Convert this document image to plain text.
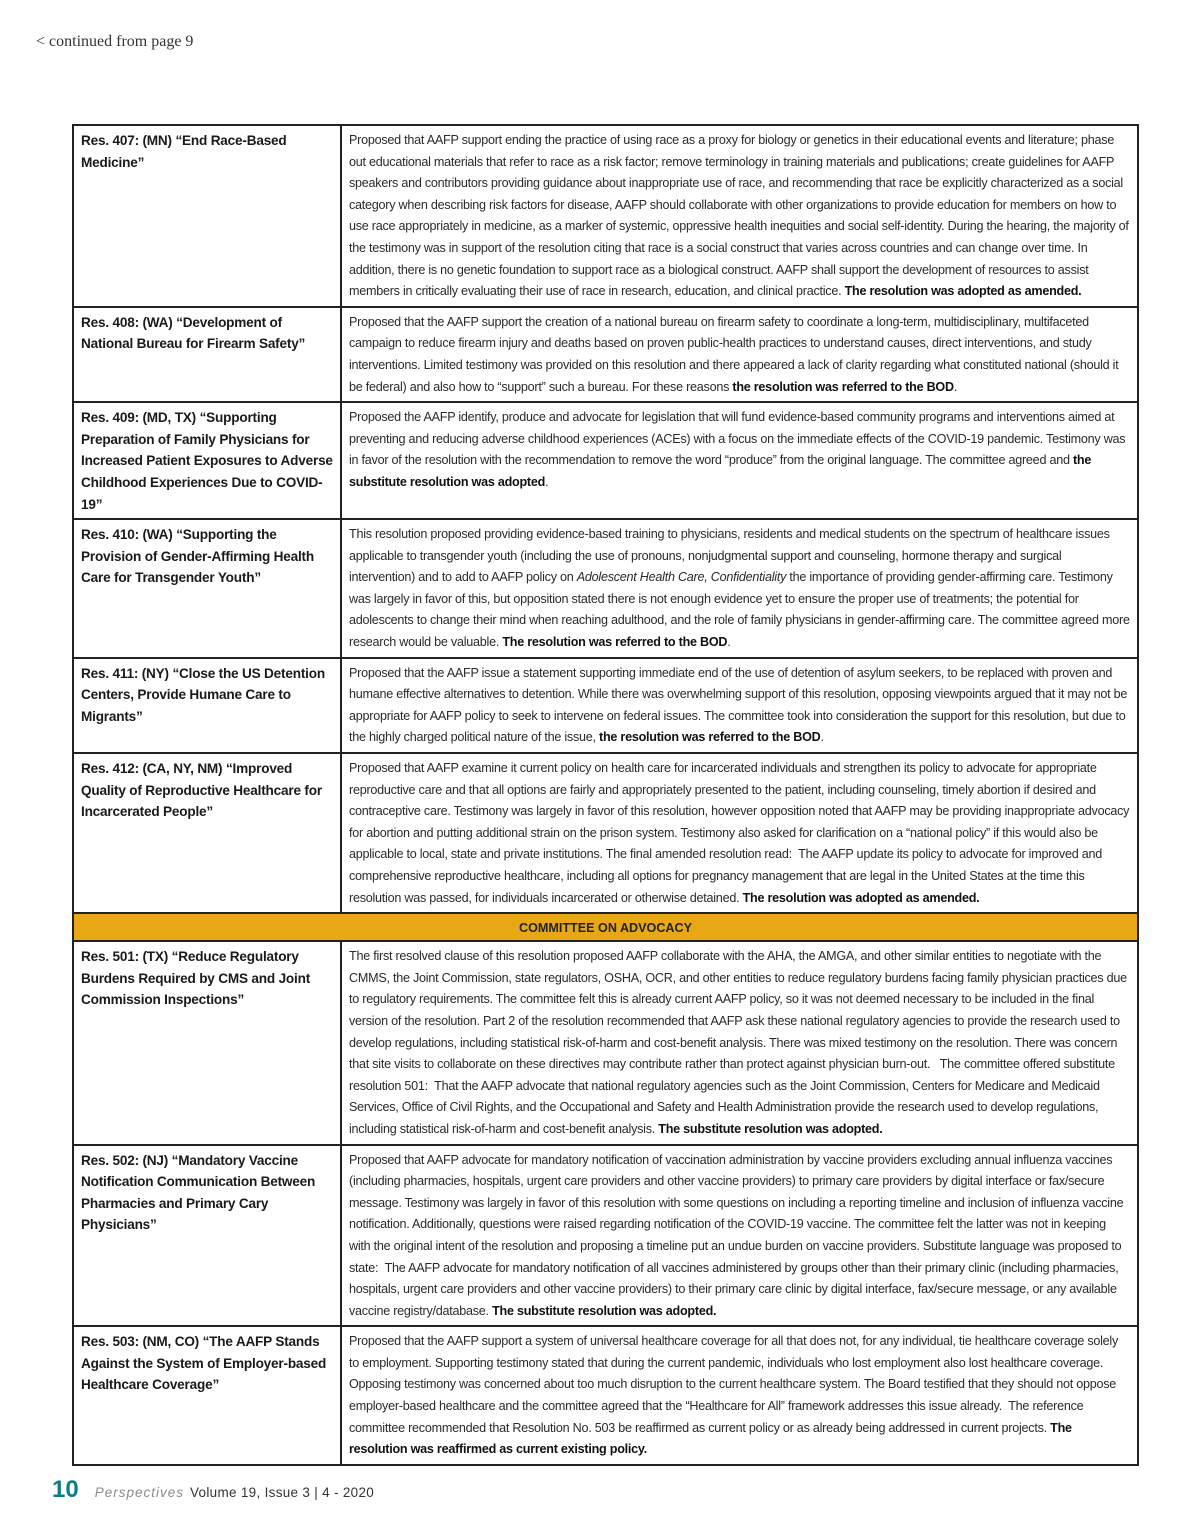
< continued from page 9
Res. 407: (MN) “End Race-Based Medicine”	Proposed that AAFP support ending the practice of using race as a proxy for biology or genetics in their educational events and literature; phase out educational materials that refer to race as a risk factor; remove terminology in training materials and publications; create guidelines for AAFP speakers and contributors providing guidance about inappropriate use of race, and recommending that race be explicitly characterized as a social category when describing risk factors for disease, AAFP should collaborate with other organizations to provide education for members on how to use race appropriately in medicine, as a marker of systemic, oppressive health inequities and social self-identity. During the hearing, the majority of the testimony was in support of the resolution citing that race is a social construct that varies across countries and can change over time. In addition, there is no genetic foundation to support race as a biological construct. AAFP shall support the development of resources to assist members in critically evaluating their use of race in research, education, and clinical practice. The resolution was adopted as amended.
Res. 408: (WA) “Development of National Bureau for Firearm Safety”	Proposed that the AAFP support the creation of a national bureau on firearm safety to coordinate a long-term, multidisciplinary, multifaceted campaign to reduce firearm injury and deaths based on proven public-health practices to understand causes, direct interventions, and study interventions. Limited testimony was provided on this resolution and there appeared a lack of clarity regarding what constituted national (should it be federal) and also how to “support” such a bureau. For these reasons the resolution was referred to the BOD.
Res. 409: (MD, TX) “Supporting Preparation of Family Physicians for Increased Patient Exposures to Adverse Childhood Experiences Due to COVID-19”	Proposed the AAFP identify, produce and advocate for legislation that will fund evidence-based community programs and interventions aimed at preventing and reducing adverse childhood experiences (ACEs) with a focus on the immediate effects of the COVID-19 pandemic. Testimony was in favor of the resolution with the recommendation to remove the word “produce” from the original language. The committee agreed and the substitute resolution was adopted.
Res. 410: (WA) “Supporting the Provision of Gender-Affirming Health Care for Transgender Youth”	This resolution proposed providing evidence-based training to physicians, residents and medical students on the spectrum of healthcare issues applicable to transgender youth (including the use of pronouns, nonjudgmental support and counseling, hormone therapy and surgical intervention) and to add to AAFP policy on Adolescent Health Care, Confidentiality the importance of providing gender-affirming care. Testimony was largely in favor of this, but opposition stated there is not enough evidence yet to ensure the proper use of treatments; the potential for adolescents to change their mind when reaching adulthood, and the role of family physicians in gender-affirming care. The committee agreed more research would be valuable. The resolution was referred to the BOD.
Res. 411: (NY) “Close the US Detention Centers, Provide Humane Care to Migrants”	Proposed that the AAFP issue a statement supporting immediate end of the use of detention of asylum seekers, to be replaced with proven and humane effective alternatives to detention. While there was overwhelming support of this resolution, opposing viewpoints argued that it may not be appropriate for AAFP policy to seek to intervene on federal issues. The committee took into consideration the support for this resolution, but due to the highly charged political nature of the issue, the resolution was referred to the BOD.
Res. 412: (CA, NY, NM) “Improved Quality of Reproductive Healthcare for Incarcerated People”	Proposed that AAFP examine it current policy on health care for incarcerated individuals and strengthen its policy to advocate for appropriate reproductive care and that all options are fairly and appropriately presented to the patient, including counseling, timely abortion if desired and contraceptive care. Testimony was largely in favor of this resolution, however opposition noted that AAFP may be providing inappropriate advocacy for abortion and putting additional strain on the prison system. Testimony also asked for clarification on a “national policy” if this would also be applicable to local, state and private institutions. The final amended resolution read:  The AAFP update its policy to advocate for improved and comprehensive reproductive healthcare, including all options for pregnancy management that are legal in the United States at the time this resolution was passed, for individuals incarcerated or otherwise detained. The resolution was adopted as amended.
COMMITTEE ON ADVOCACY	
Res. 501: (TX) “Reduce Regulatory Burdens Required by CMS and Joint Commission Inspections”	The first resolved clause of this resolution proposed AAFP collaborate with the AHA, the AMGA, and other similar entities to negotiate with the CMMS, the Joint Commission, state regulators, OSHA, OCR, and other entities to reduce regulatory burdens facing family physician practices due to regulatory requirements. The committee felt this is already current AAFP policy, so it was not deemed necessary to be included in the final version of the resolution. Part 2 of the resolution recommended that AAFP ask these national regulatory agencies to provide the research used to develop regulations, including statistical risk-of-harm and cost-benefit analysis. There was mixed testimony on the resolution. There was concern that site visits to collaborate on these directives may contribute rather than protect against physician burn-out.   The committee offered substitute resolution 501:  That the AAFP advocate that national regulatory agencies such as the Joint Commission, Centers for Medicare and Medicaid Services, Office of Civil Rights, and the Occupational and Safety and Health Administration provide the research used to develop regulations, including statistical risk-of-harm and cost-benefit analysis. The substitute resolution was adopted.
Res. 502: (NJ) “Mandatory Vaccine Notification Communication Between Pharmacies and Primary Cary Physicians”	Proposed that AAFP advocate for mandatory notification of vaccination administration by vaccine providers excluding annual influenza vaccines (including pharmacies, hospitals, urgent care providers and other vaccine providers) to primary care providers by digital interface or fax/secure message. Testimony was largely in favor of this resolution with some questions on including a reporting timeline and inclusion of influenza vaccine notification. Additionally, questions were raised regarding notification of the COVID-19 vaccine. The committee felt the latter was not in keeping with the original intent of the resolution and proposing a timeline put an undue burden on vaccine providers. Substitute language was proposed to state:  The AAFP advocate for mandatory notification of all vaccines administered by groups other than their primary clinic (including pharmacies, hospitals, urgent care providers and other vaccine providers) to their primary care clinic by digital interface, fax/secure message, or any available vaccine registry/database. The substitute resolution was adopted.
Res. 503: (NM, CO) “The AAFP Stands Against the System of Employer-based Healthcare Coverage”	Proposed that the AAFP support a system of universal healthcare coverage for all that does not, for any individual, tie healthcare coverage solely to employment. Supporting testimony stated that during the current pandemic, individuals who lost employment also lost healthcare coverage. Opposing testimony was concerned about too much disruption to the current healthcare system. The Board testified that they should not oppose employer-based healthcare and the committee agreed that the “Healthcare for All” framework addresses this issue already.  The reference committee recommended that Resolution No. 503 be reaffirmed as current policy or as already being addressed in current projects. The resolution was reaffirmed as current existing policy.
10 Perspectives Volume 19, Issue 3 | 4 - 2020
